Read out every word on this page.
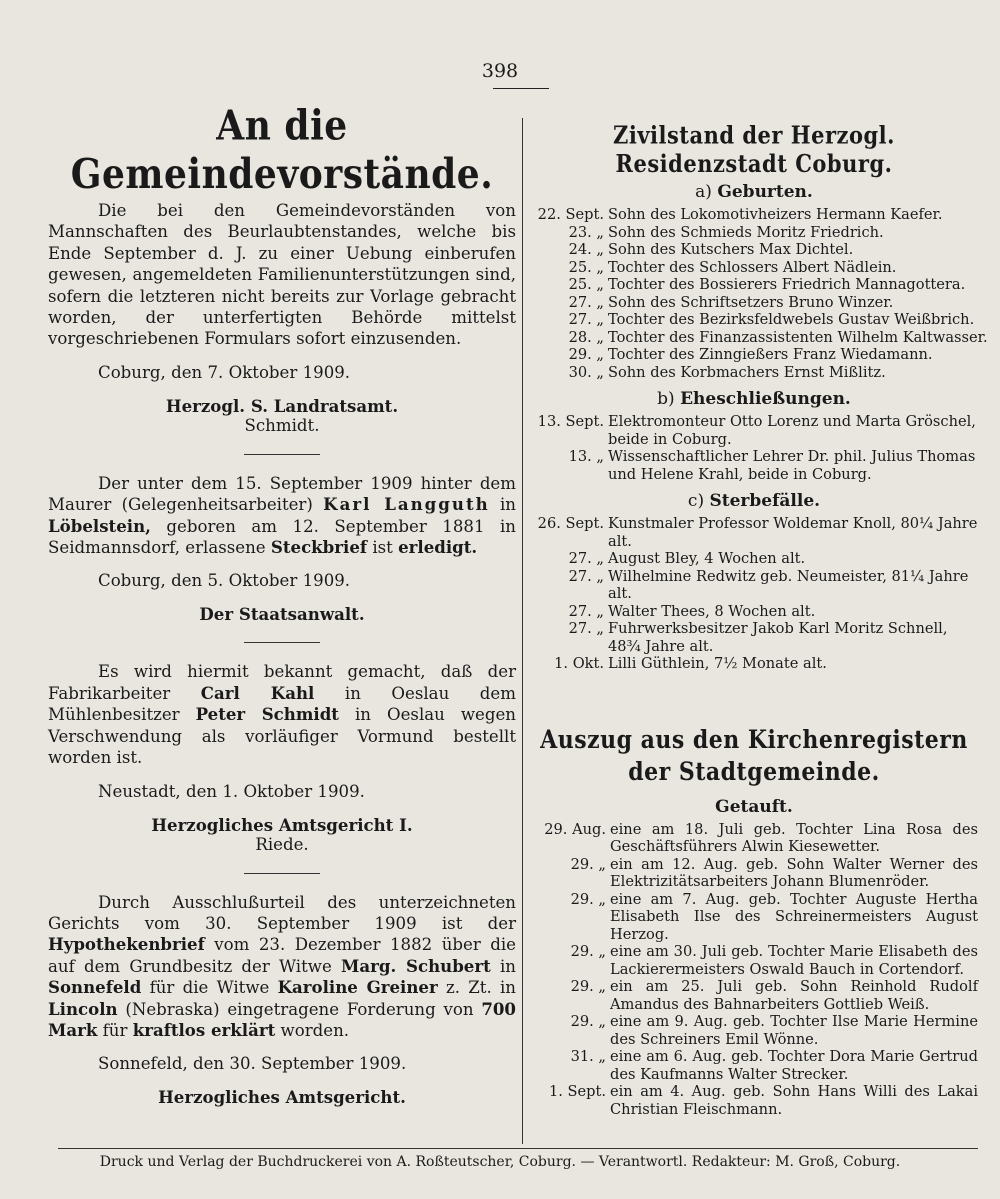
398
An die Gemeindevorstände.

Die bei den Gemeindevorständen von Mannschaften des Beurlaubtenstandes, welche bis Ende September d. J. zu einer Uebung einberufen gewesen, angemeldeten Familienunterstützungen sind, sofern die letzteren nicht bereits zur Vorlage gebracht worden, der unterfertigten Behörde mittelst vorgeschriebenen Formulars sofort einzusenden.

Coburg, den 7. Oktober 1909.
Herzogl. S. Landratsamt.
Schmidt.

Der unter dem 15. September 1909 hinter dem Maurer (Gelegenheitsarbeiter) Karl Langguth in Löbelstein, geboren am 12. September 1881 in Seidmannsdorf, erlassene Steckbrief ist erledigt.

Coburg, den 5. Oktober 1909.
Der Staatsanwalt.

Es wird hiermit bekannt gemacht, daß der Fabrikarbeiter Carl Kahl in Oeslau dem Mühlenbesitzer Peter Schmidt in Oeslau wegen Verschwendung als vorläufiger Vormund bestellt worden ist.

Neustadt, den 1. Oktober 1909.
Herzogliches Amtsgericht I.
Riede.

Durch Ausschlußurteil des unterzeichneten Gerichts vom 30. September 1909 ist der Hypothekenbrief vom 23. Dezember 1882 über die auf dem Grundbesitz der Witwe Marg. Schubert in Sonnefeld für die Witwe Karoline Greiner z. Zt. in Lincoln (Nebraska) eingetragene Forderung von 700 Mark für kraftlos erklärt worden.

Sonnefeld, den 30. September 1909.
Herzogliches Amtsgericht.
Zivilstand der Herzogl. Residenzstadt Coburg.
a) Geburten.
22. Sept. Sohn des Lokomotivheizers Hermann Kaefer.
23. „ Sohn des Schmieds Moritz Friedrich.
24. „ Sohn des Kutschers Max Dichtel.
25. „ Tochter des Schlossers Albert Nädlein.
25. „ Tochter des Bossierers Friedrich Mannagottera.
27. „ Sohn des Schriftsetzers Bruno Winzer.
27. „ Tochter des Bezirksfeldwebels Gustav Weißbrich.
28. „ Tochter des Finanzassistenten Wilhelm Kaltwasser.
29. „ Tochter des Zinngießers Franz Wiedamann.
30. „ Sohn des Korbmachers Ernst Mißlitz.
b) Eheschließungen.
13. Sept. Elektromonteur Otto Lorenz und Marta Gröschel, beide in Coburg.
13. „ Wissenschaftlicher Lehrer Dr. phil. Julius Thomas und Helene Krahl, beide in Coburg.
c) Sterbefälle.
26. Sept. Kunstmaler Professor Woldemar Knoll, 80¼ Jahre alt.
27. „ August Bley, 4 Wochen alt.
27. „ Wilhelmine Redwitz geb. Neumeister, 81¼ Jahre alt.
27. „ Walter Thees, 8 Wochen alt.
27. „ Fuhrwerksbesitzer Jakob Karl Moritz Schnell, 48¾ Jahre alt.
1. Okt. Lilli Güthlein, 7½ Monate alt.
Auszug aus den Kirchenregistern
der Stadtgemeinde.
Getauft.
29. Aug. eine am 18. Juli geb. Tochter Lina Rosa des Geschäftsführers Alwin Kiesewetter.
29. „ ein am 12. Aug. geb. Sohn Walter Werner des Elektrizitätsarbeiters Johann Blumenröder.
29. „ eine am 7. Aug. geb. Tochter Auguste Hertha Elisabeth Ilse des Schreinermeisters August Herzog.
29. „ eine am 30. Juli geb. Tochter Marie Elisabeth des Lackierermeisters Oswald Bauch in Cortendorf.
29. „ ein am 25. Juli geb. Sohn Reinhold Rudolf Amandus des Bahnarbeiters Gottlieb Weiß.
29. „ eine am 9. Aug. geb. Tochter Ilse Marie Hermine des Schreiners Emil Wönne.
31. „ eine am 6. Aug. geb. Tochter Dora Marie Gertrud des Kaufmanns Walter Strecker.
1. Sept. ein am 4. Aug. geb. Sohn Hans Willi des Lakai Christian Fleischmann.
Druck und Verlag der Buchdruckerei von A. Roßteutscher, Coburg. — Verantwortl. Redakteur: M. Groß, Coburg.
